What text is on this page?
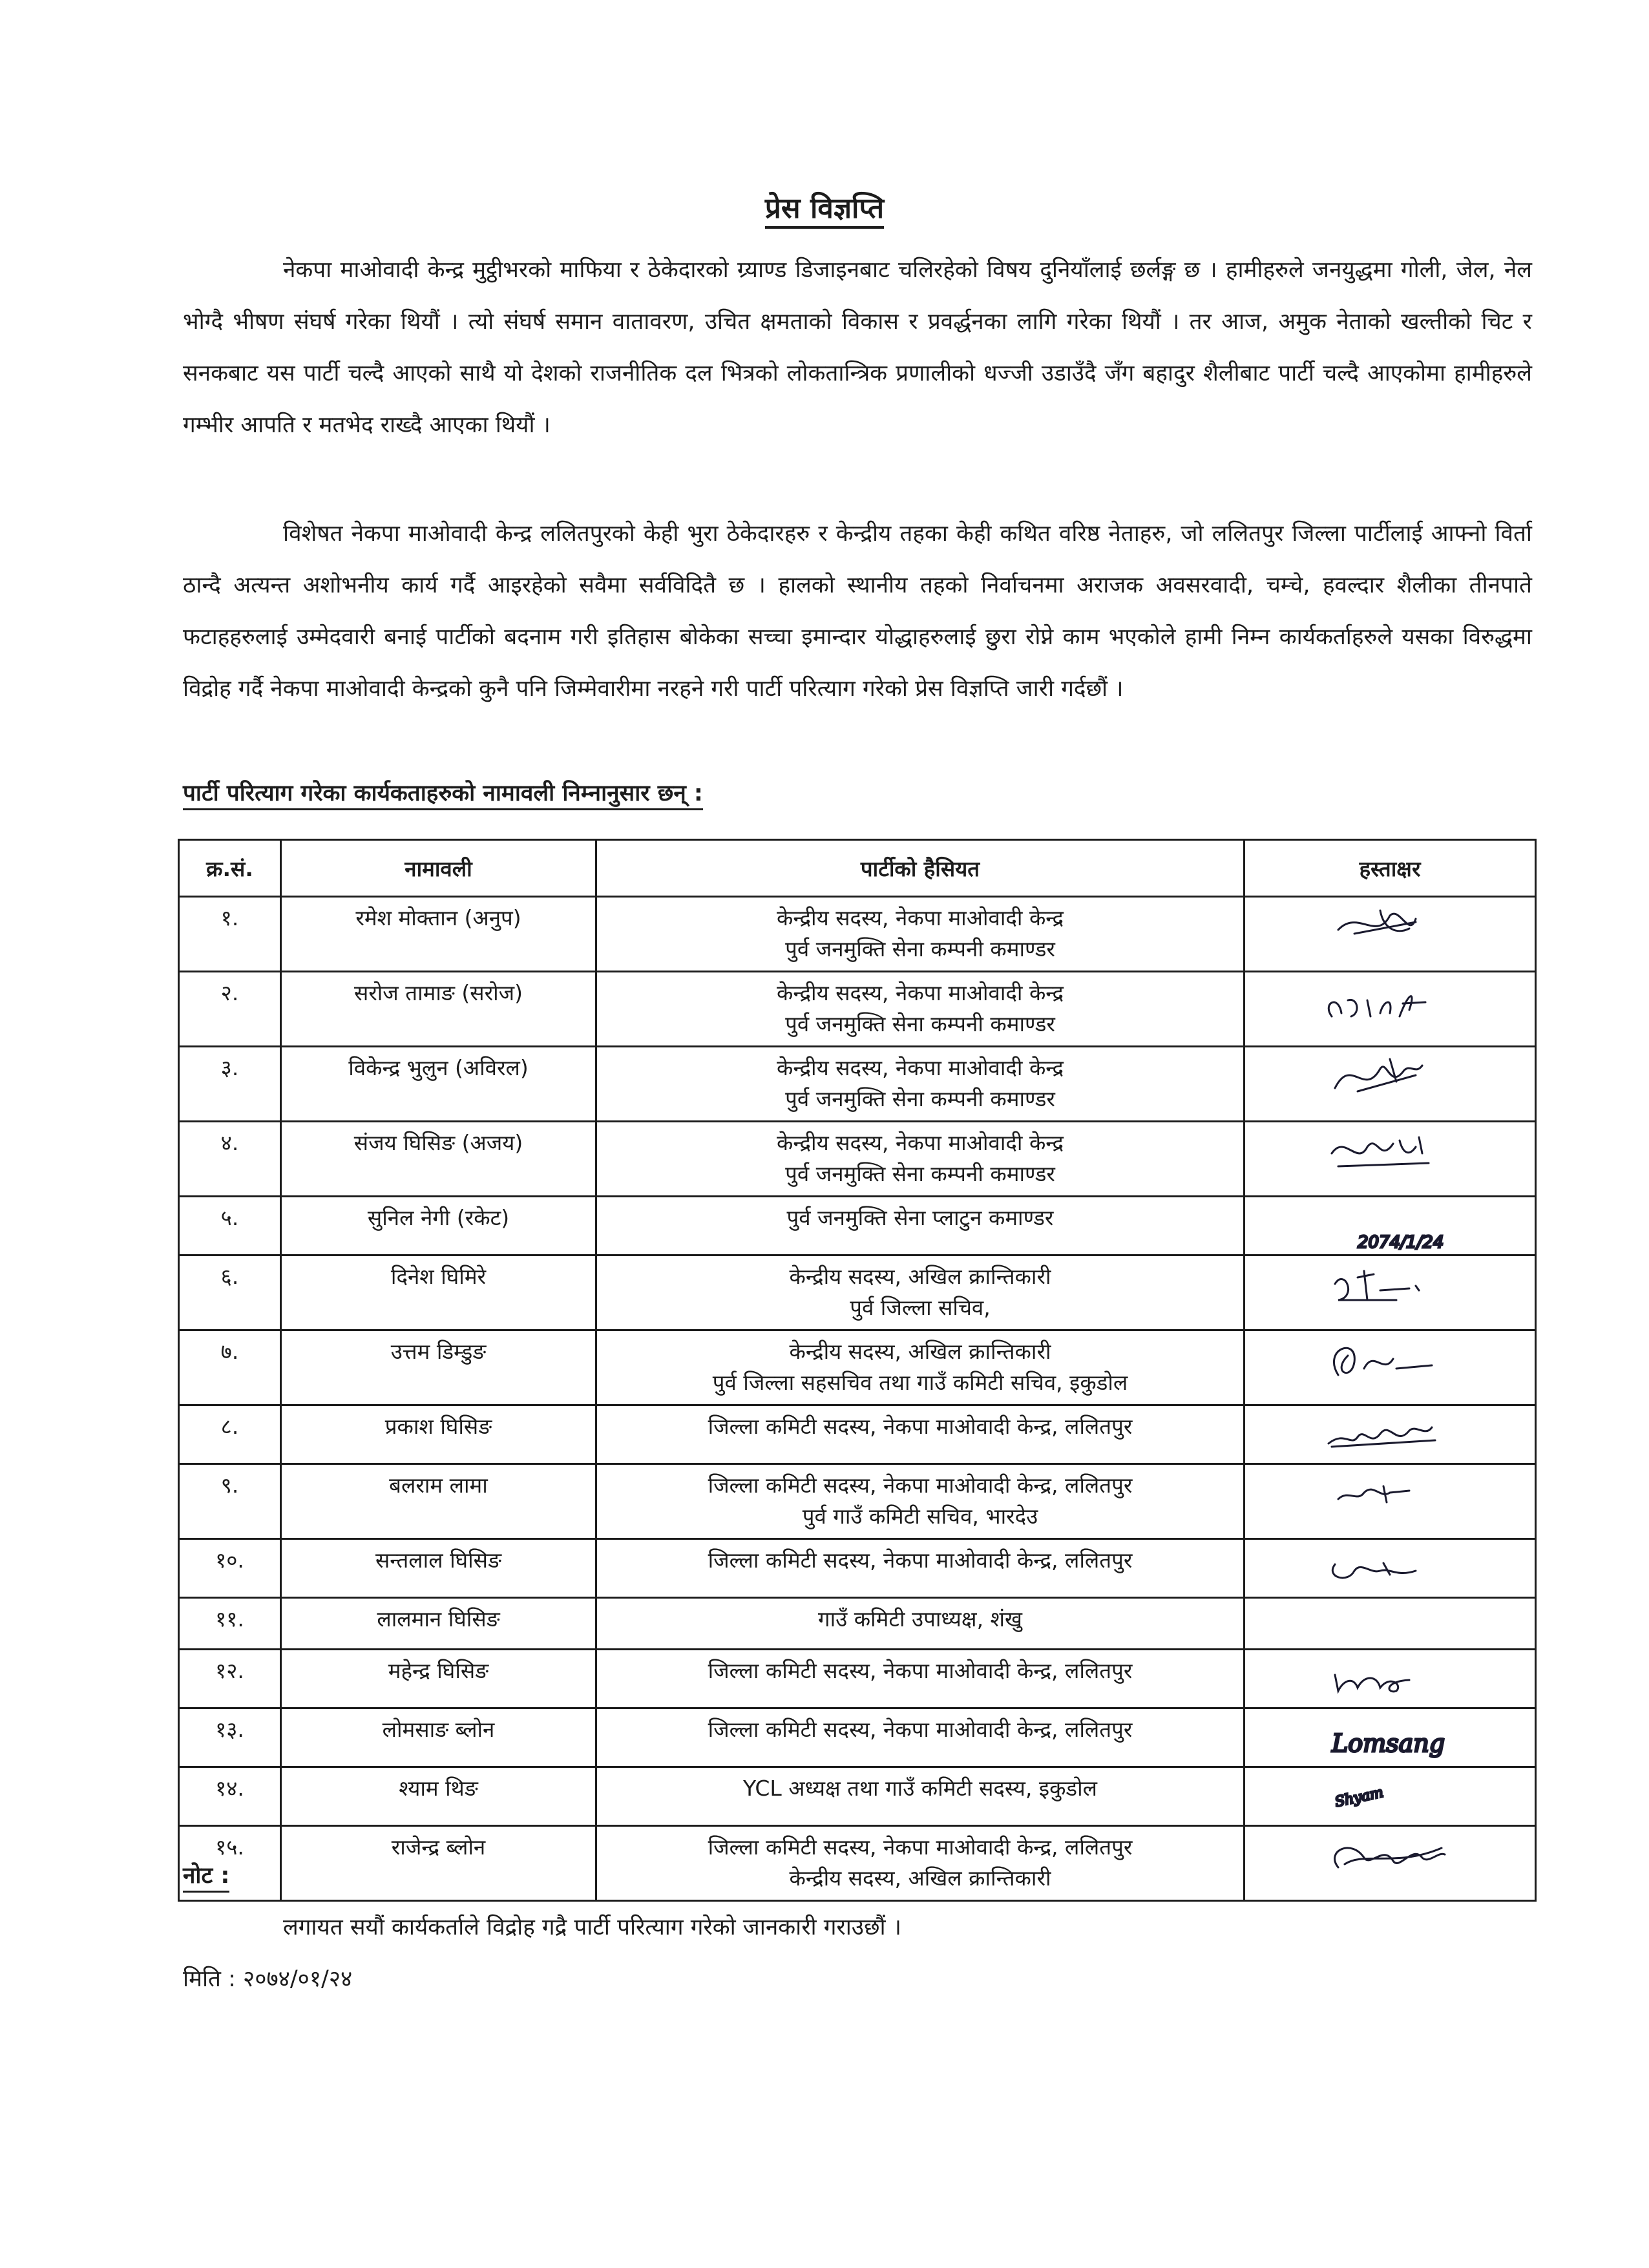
प्रेस विज्ञप्ति

नेकपा माओवादी केन्द्र मुट्ठीभरको माफिया र ठेकेदारको ग्र्याण्ड डिजाइनबाट चलिरहेको विषय दुनियाँलाई छर्लङ्ग छ । हामीहरुले जनयुद्धमा गोली, जेल, नेल भोग्दै भीषण संघर्ष गरेका थियौं । त्यो संघर्ष समान वातावरण, उचित क्षमताको विकास र प्रवर्द्धनका लागि गरेका थियौं । तर आज, अमुक नेताको खल्तीको चिट र सनकबाट यस पार्टी चल्दै आएको साथै यो देशको राजनीतिक दल भित्रको लोकतान्त्रिक प्रणालीको धज्जी उडाउँदै जँग बहादुर शैलीबाट पार्टी चल्दै आएकोमा हामीहरुले गम्भीर आपति र मतभेद राख्दै आएका थियौं ।

विशेषत नेकपा माओवादी केन्द्र ललितपुरको केही भुरा ठेकेदारहरु र केन्द्रीय तहका केही कथित वरिष्ठ नेताहरु, जो ललितपुर जिल्ला पार्टीलाई आफ्नो विर्ता ठान्दै अत्यन्त अशोभनीय कार्य गर्दै आइरहेको सवैमा सर्वविदितै छ । हालको स्थानीय तहको निर्वाचनमा अराजक अवसरवादी, चम्चे, हवल्दार शैलीका तीनपाते फटाहहरुलाई उम्मेदवारी बनाई पार्टीको बदनाम गरी इतिहास बोकेका सच्चा इमान्दार योद्धाहरुलाई छुरा रोप्ने काम भएकोले हामी निम्न कार्यकर्ताहरुले यसका विरुद्धमा विद्रोह गर्दै नेकपा माओवादी केन्द्रको कुनै पनि जिम्मेवारीमा नरहने गरी पार्टी परित्याग गरेको प्रेस विज्ञप्ति जारी गर्दछौं ।

पार्टी परित्याग गरेका कार्यकताहरुको नामावली निम्नानुसार छन् :
क्र.सं.	नामावली	पार्टीको हैसियत	हस्ताक्षर
१.	रमेश मोक्तान (अनुप)	केन्द्रीय सदस्य, नेकपा माओवादी केन्द्र
पुर्व जनमुक्ति सेना कम्पनी कमाण्डर

२.	सरोज तामाङ (सरोज)	केन्द्रीय सदस्य, नेकपा माओवादी केन्द्र
पुर्व जनमुक्ति सेना कम्पनी कमाण्डर

३.	विकेन्द्र भुलुन (अविरल)	केन्द्रीय सदस्य, नेकपा माओवादी केन्द्र
पुर्व जनमुक्ति सेना कम्पनी कमाण्डर

४.	संजय घिसिङ (अजय)	केन्द्रीय सदस्य, नेकपा माओवादी केन्द्र
पुर्व जनमुक्ति सेना कम्पनी कमाण्डर

५.	सुनिल नेगी (रकेट)	पुर्व जनमुक्ति सेना प्लाटुन कमाण्डर	2074/1/24

६.	दिनेश घिमिरे	केन्द्रीय सदस्य, अखिल क्रान्तिकारी
पुर्व जिल्ला सचिव,

७.	उत्तम डिम्डुङ	केन्द्रीय सदस्य, अखिल क्रान्तिकारी
पुर्व जिल्ला सहसचिव तथा गाउँ कमिटी सचिव, इकुडोल

८.	प्रकाश घिसिङ	जिल्ला कमिटी सदस्य, नेकपा माओवादी केन्द्र, ललितपुर

९.	बलराम लामा	जिल्ला कमिटी सदस्य, नेकपा माओवादी केन्द्र, ललितपुर
पुर्व गाउँ कमिटी सचिव, भारदेउ

१०.	सन्तलाल घिसिङ	जिल्ला कमिटी सदस्य, नेकपा माओवादी केन्द्र, ललितपुर

११.	लालमान घिसिङ	गाउँ कमिटी उपाध्यक्ष, शंखु	

१२.	महेन्द्र घिसिङ	जिल्ला कमिटी सदस्य, नेकपा माओवादी केन्द्र, ललितपुर

१३.	लोमसाङ ब्लोन	जिल्ला कमिटी सदस्य, नेकपा माओवादी केन्द्र, ललितपुर	Lomsang

१४.	श्याम थिङ	YCL अध्यक्ष तथा गाउँ कमिटी सदस्य, इकुडोल	Shyam

१५.	राजेन्द्र ब्लोन	जिल्ला कमिटी सदस्य, नेकपा माओवादी केन्द्र, ललितपुर
केन्द्रीय सदस्य, अखिल क्रान्तिकारी

नोट :
लगायत सयौं कार्यकर्ताले विद्रोह गद्रै पार्टी परित्याग गरेको जानकारी गराउछौं ।
मिति : २०७४/०१/२४
